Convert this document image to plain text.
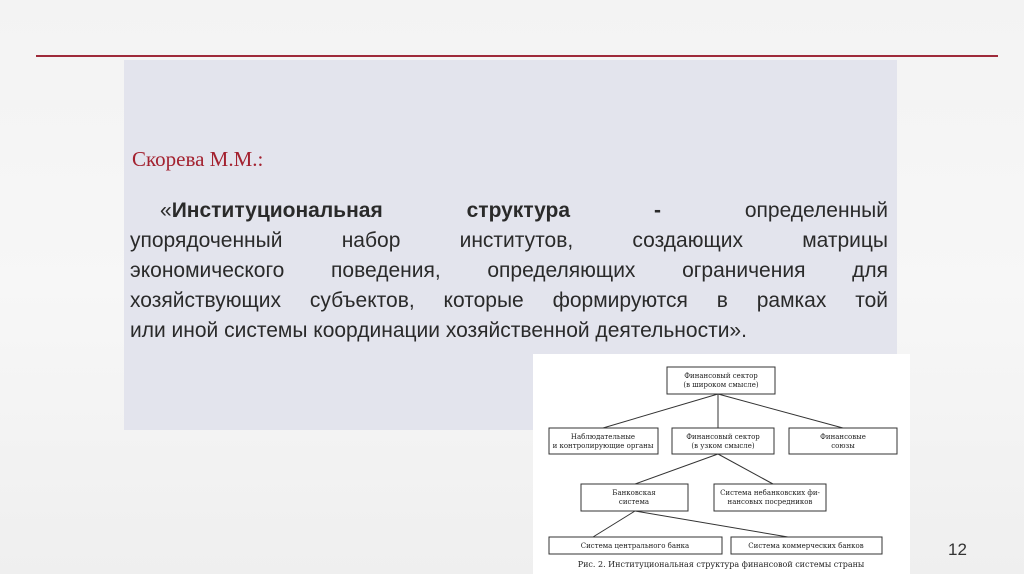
Скорева М.М.:
«Институциональная структура -	определенный
упорядоченный набор институтов, создающих матрицы
экономического поведения, определяющих ограничения для
хозяйствующих субъектов, которые формируются в рамках той
или иной системы координации хозяйственной деятельности».
Финансовый сектор
(в широком смысле)
Наблюдательные
и контролирующие органы
Финансовый сектор
(в узком смысле)
Финансовые
союзы
Банковская
система
Система небанковских фи-
нансовых посредников
Система центрального банка	Система коммерческих банков
Рис. 2. Институциональная структура финансовой системы страны
12
